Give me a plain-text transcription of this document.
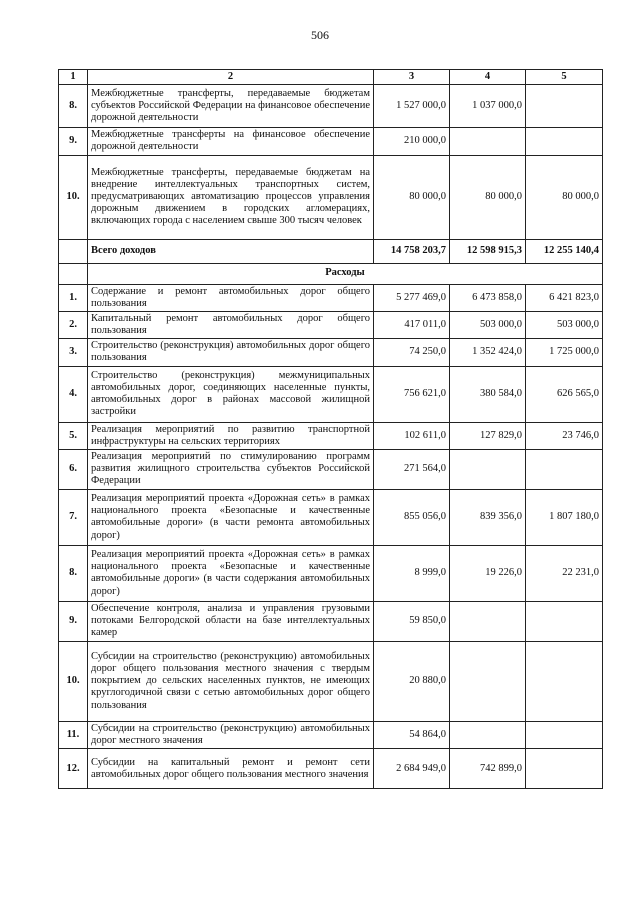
506
1	2	3	4	5
8.	Межбюджетные трансферты, передаваемые бюджетам субъектов Российской Федерации на финансовое обеспечение дорожной деятельности	1 527 000,0	1 037 000,0	
9.	Межбюджетные трансферты на финансовое обеспечение дорожной деятельности	210 000,0		
10.	Межбюджетные трансферты, передаваемые бюджетам на внедрение интеллектуальных транспортных систем, предусматривающих автоматизацию процессов управления дорожным движением в городских агломерациях, включающих города с населением свыше 300 тысяч человек	80 000,0	80 000,0	80 000,0
	Всего доходов	14 758 203,7	12 598 915,3	12 255 140,4
	Расходы			
1.	Содержание и ремонт автомобильных дорог общего пользования	5 277 469,0	6 473 858,0	6 421 823,0
2.	Капитальный ремонт автомобильных дорог общего пользования	417 011,0	503 000,0	503 000,0
3.	Строительство (реконструкция) автомобильных дорог общего пользования	74 250,0	1 352 424,0	1 725 000,0
4.	Строительство (реконструкция) межмуниципальных автомобильных дорог, соединяющих населенные пункты, автомобильных дорог в районах массовой жилищной застройки	756 621,0	380 584,0	626 565,0
5.	Реализация мероприятий по развитию транспортной инфраструктуры на сельских территориях	102 611,0	127 829,0	23 746,0
6.	Реализация мероприятий по стимулированию программ развития жилищного строительства субъектов Российской Федерации	271 564,0		
7.	Реализация мероприятий проекта «Дорожная сеть» в рамках национального проекта «Безопасные и качественные автомобильные дороги» (в части ремонта автомобильных дорог)	855 056,0	839 356,0	1 807 180,0
8.	Реализация мероприятий проекта «Дорожная сеть» в рамках национального проекта «Безопасные и качественные автомобильные дороги» (в части содержания автомобильных дорог)	8 999,0	19 226,0	22 231,0
9.	Обеспечение контроля, анализа и управления грузовыми потоками Белгородской области на базе интеллектуальных камер	59 850,0		
10.	Субсидии на строительство (реконструкцию) автомобильных дорог общего пользования местного значения с твердым покрытием до сельских населенных пунктов, не имеющих круглогодичной связи с сетью автомобильных дорог общего пользования	20 880,0		
11.	Субсидии на строительство (реконструкцию) автомобильных дорог местного значения	54 864,0		
12.	Субсидии на капитальный ремонт и ремонт сети автомобильных дорог общего пользования местного значения	2 684 949,0	742 899,0	
